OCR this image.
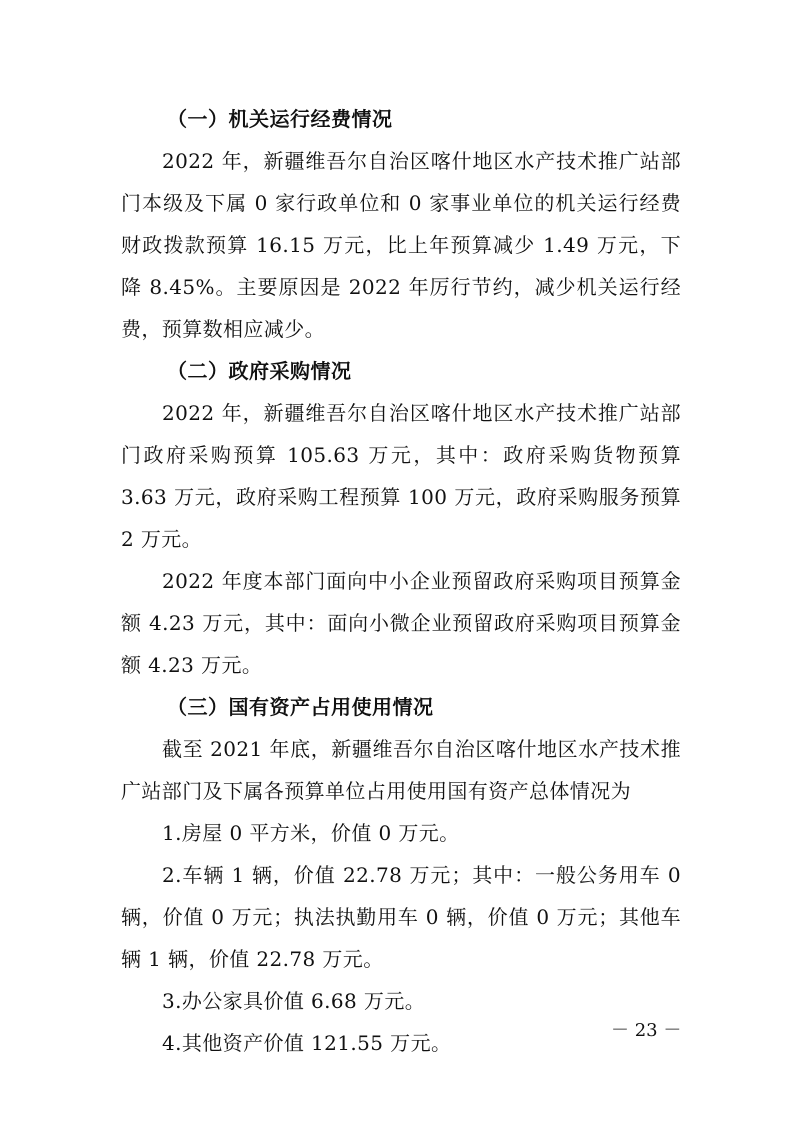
（一）机关运行经费情况

2022 年，新疆维吾尔自治区喀什地区水产技术推广站部门本级及下属 0 家行政单位和 0 家事业单位的机关运行经费财政拨款预算 16.15 万元，比上年预算减少 1.49 万元，下降 8.45%。主要原因是 2022 年厉行节约，减少机关运行经费，预算数相应减少。

（二）政府采购情况

2022 年，新疆维吾尔自治区喀什地区水产技术推广站部门政府采购预算 105.63 万元，其中：政府采购货物预算 3.63 万元，政府采购工程预算 100 万元，政府采购服务预算 2 万元。

2022 年度本部门面向中小企业预留政府采购项目预算金额 4.23 万元，其中：面向小微企业预留政府采购项目预算金额 4.23 万元。

（三）国有资产占用使用情况

截至 2021 年底，新疆维吾尔自治区喀什地区水产技术推广站部门及下属各预算单位占用使用国有资产总体情况为

1.房屋 0 平方米，价值 0 万元。

2.车辆 1 辆，价值 22.78 万元；其中：一般公务用车 0 辆，价值 0 万元；执法执勤用车 0 辆，价值 0 万元；其他车辆 1 辆，价值 22.78 万元。

3.办公家具价值 6.68 万元。

4.其他资产价值 121.55 万元。

－ 23 －
